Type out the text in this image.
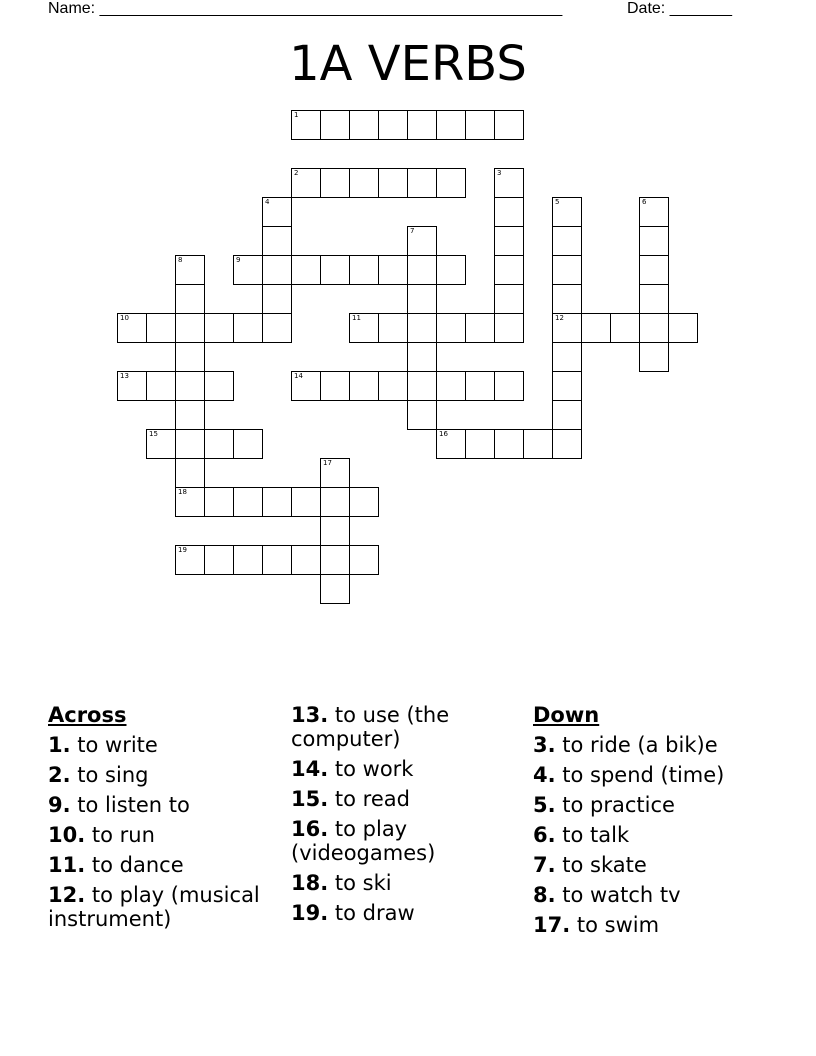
Name: ____________________________________________________	Date: _______
1A VERBS
1
2
9
10	11	12
13	14
15	16
18
19
3
4	5	6
7
8
17
Across
1. to write
2. to sing
9. to listen to
10. to run
11. to dance
12. to play (musical instrument)
13. to use (the computer)
14. to work
15. to read
16. to play (videogames)
18. to ski
19. to draw
Down
3. to ride (a bik)e
4. to spend (time)
5. to practice
6. to talk
7. to skate
8. to watch tv
17. to swim
